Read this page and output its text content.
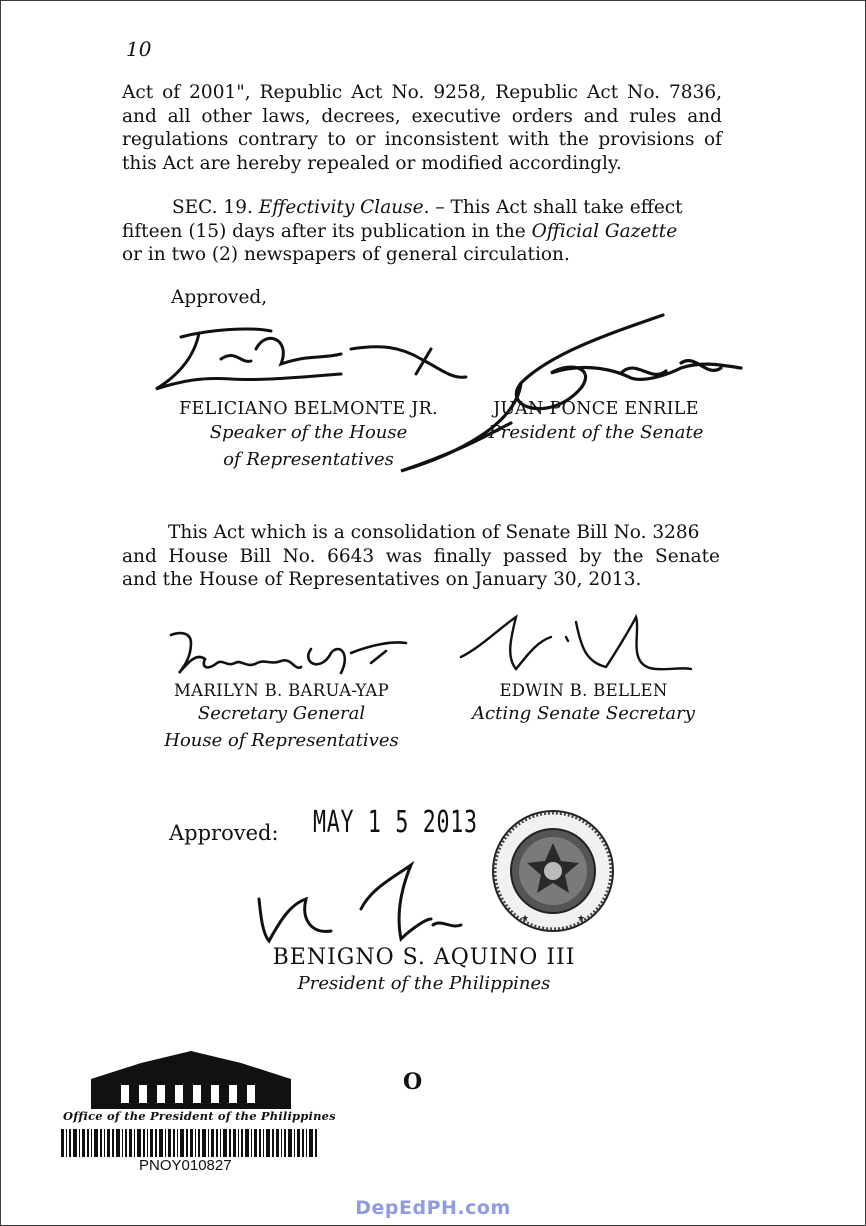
10
Act of 2001", Republic Act No. 9258, Republic Act No. 7836,
and all other laws, decrees, executive orders and rules and
regulations contrary to or inconsistent with the provisions of
this Act are hereby repealed or modified accordingly.
SEC. 19. Effectivity Clause. – This Act shall take effect
fifteen (15) days after its publication in the Official Gazette
or in two (2) newspapers of general circulation.
Approved,
FELICIANO BELMONTE JR.
Speaker of the House
of Representatives
JUAN PONCE ENRILE
President of the Senate
This Act which is a consolidation of Senate Bill No. 3286
and House Bill No. 6643 was finally passed by the Senate
and the House of Representatives on January 30, 2013.
MARILYN B. BARUA-YAP
Secretary General
House of Representatives
EDWIN B. BELLEN
Acting Senate Secretary
Approved: MAY 1 5 2013
★	★
BENIGNO S. AQUINO III
President of the Philippines
Office of the President of the Philippines
PNOY010827
O
DepEdPH.com
